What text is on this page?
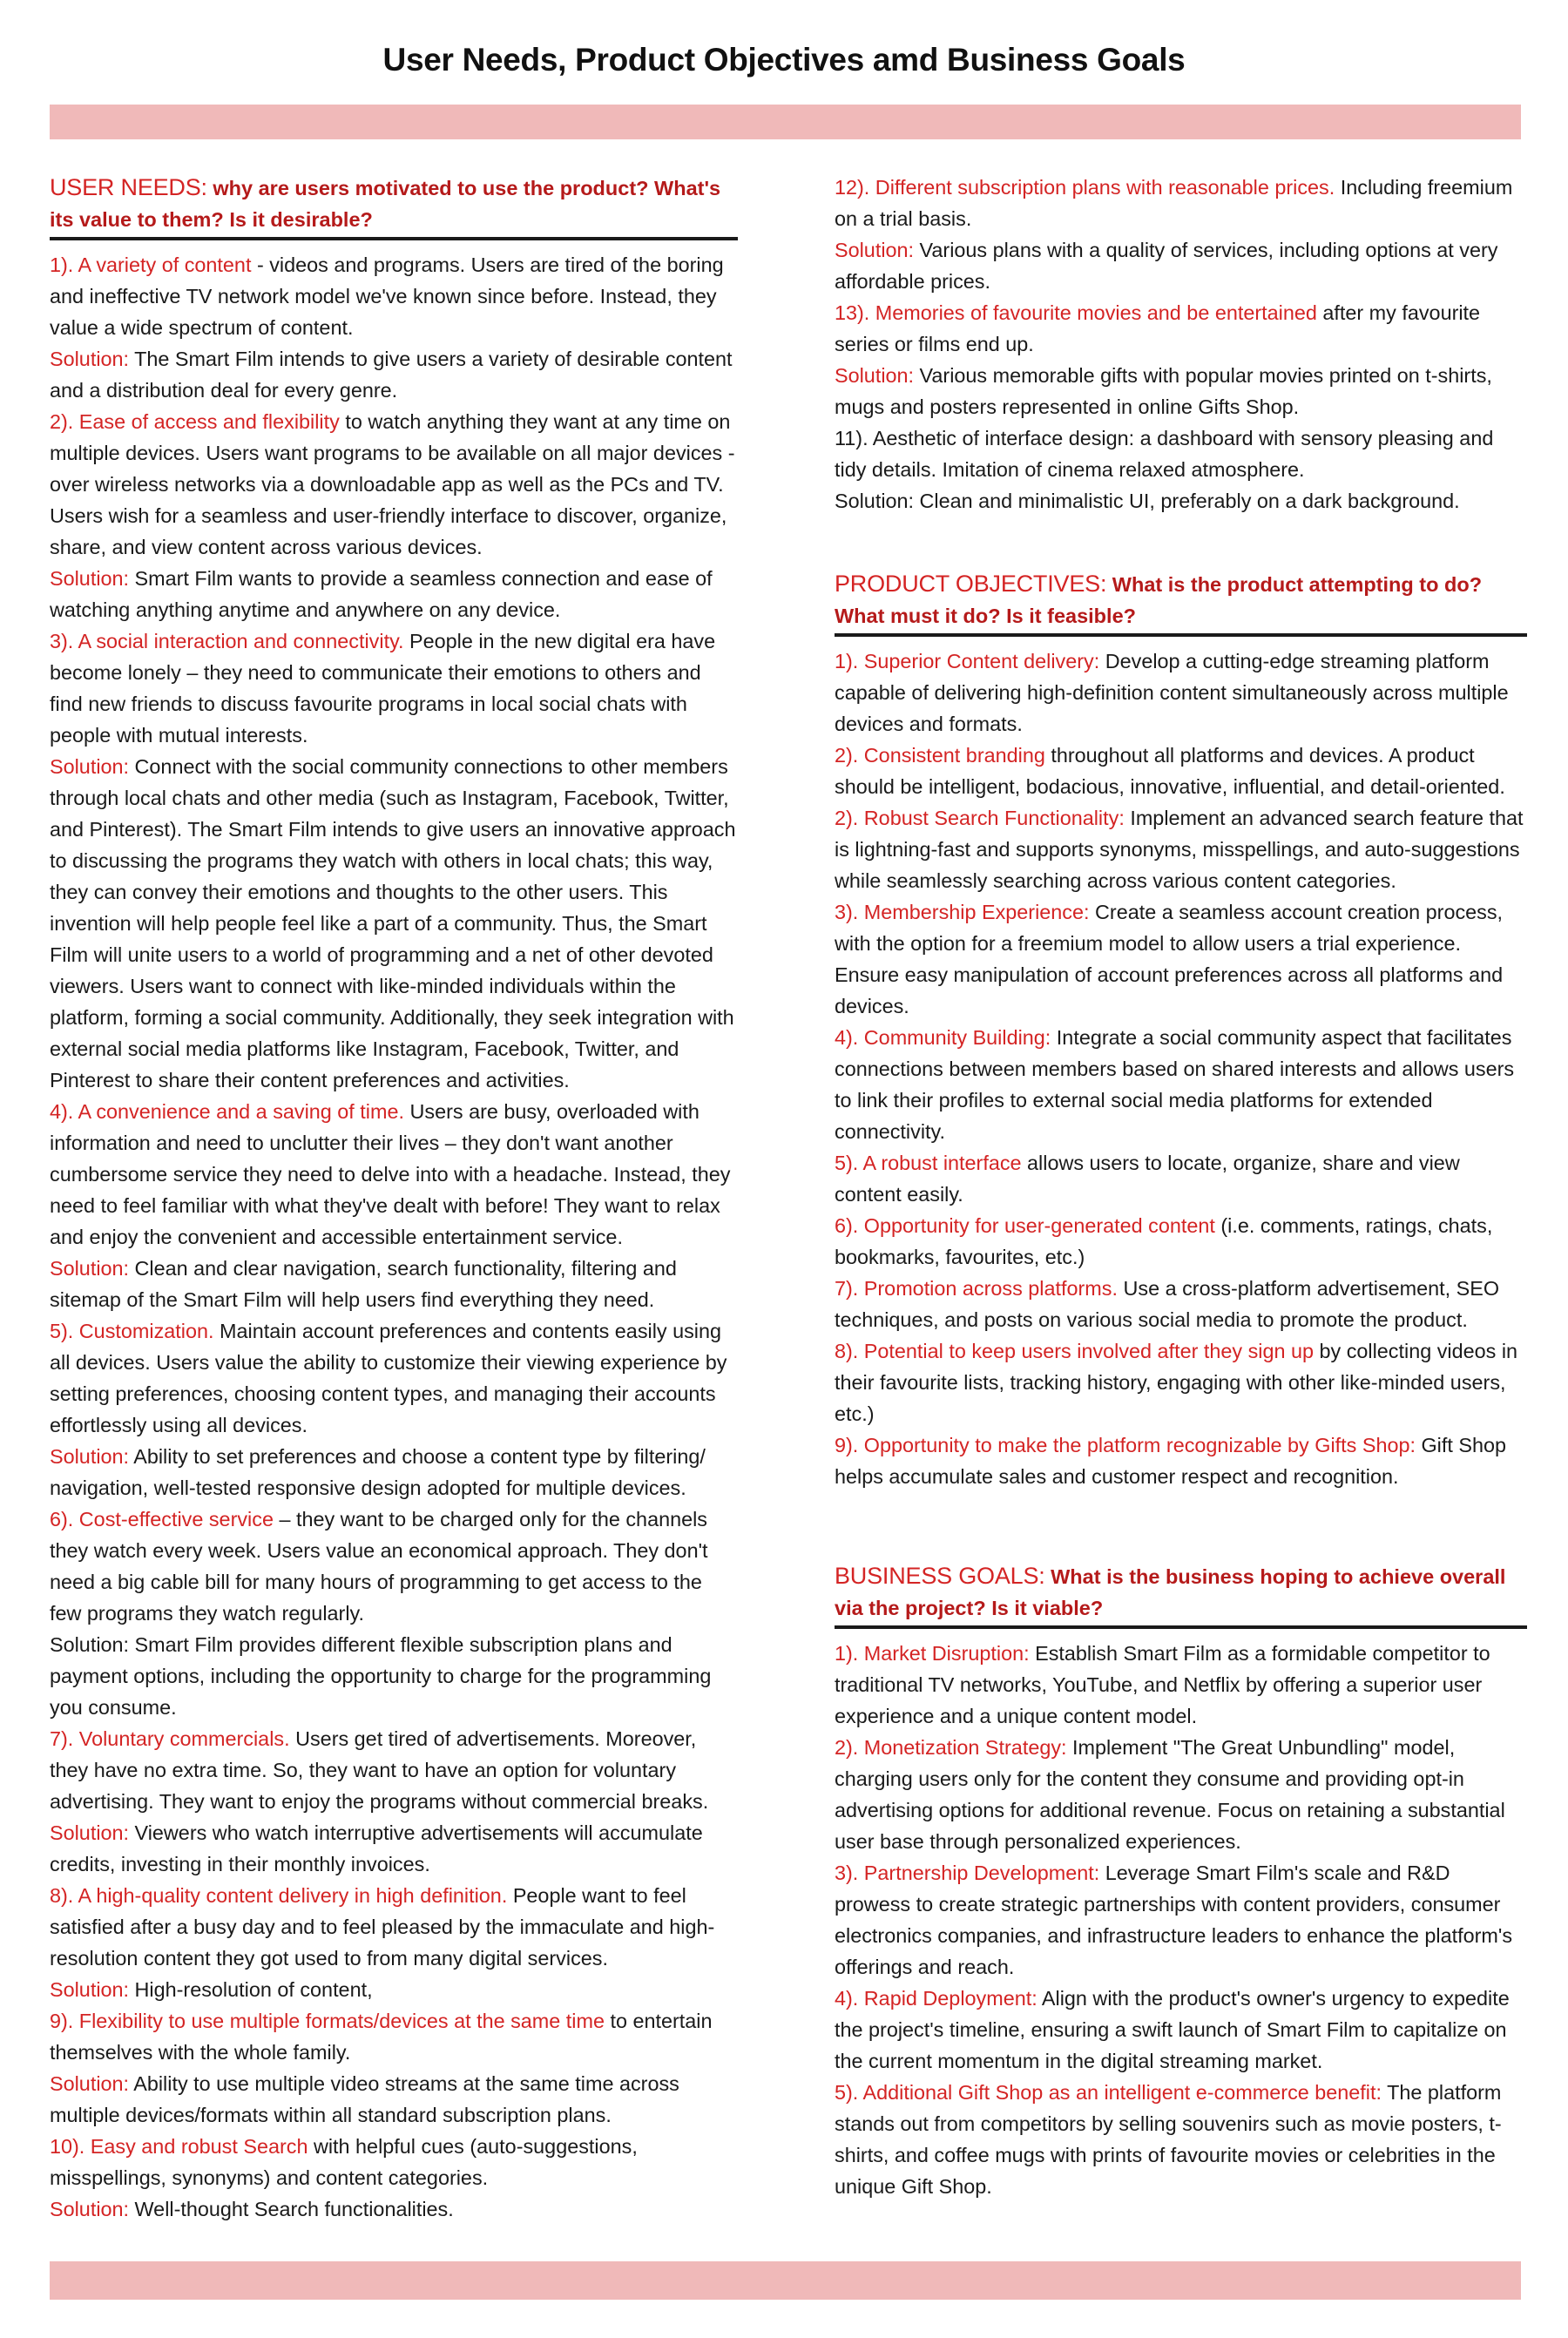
User Needs, Product Objectives amd Business Goals
USER NEEDS: why are users motivated to use the product? What's its value to them? Is it desirable?

1). A variety of content - videos and programs. Users are tired of the boring and ineffective TV network model we've known since before. Instead, they value a wide spectrum of content.

Solution: The Smart Film intends to give users a variety of desirable content and a distribution deal for every genre.

2). Ease of access and flexibility to watch anything they want at any time on multiple devices. Users want programs to be available on all major devices - over wireless networks via a downloadable app as well as the PCs and TV. Users wish for a seamless and user-friendly interface to discover, organize, share, and view content across various devices.

Solution: Smart Film wants to provide a seamless connection and ease of watching anything anytime and anywhere on any device.

3). A social interaction and connectivity. People in the new digital era have become lonely – they need to communicate their emotions to others and find new friends to discuss favourite programs in local social chats with people with mutual interests.

Solution: Connect with the social community connections to other members through local chats and other media (such as Instagram, Facebook, Twitter, and Pinterest). The Smart Film intends to give users an innovative approach to discussing the programs they watch with others in local chats; this way, they can convey their emotions and thoughts to the other users. This invention will help people feel like a part of a community. Thus, the Smart Film will unite users to a world of programming and a net of other devoted viewers. Users want to connect with like-minded individuals within the platform, forming a social community. Additionally, they seek integration with external social media platforms like Instagram, Facebook, Twitter, and Pinterest to share their content preferences and activities.

4). A convenience and a saving of time. Users are busy, overloaded with information and need to unclutter their lives – they don't want another cumbersome service they need to delve into with a headache. Instead, they need to feel familiar with what they've dealt with before! They want to relax and enjoy the convenient and accessible entertainment service.

Solution: Clean and clear navigation, search functionality, filtering and sitemap of the Smart Film will help users find everything they need.

5). Customization. Maintain account preferences and contents easily using all devices. Users value the ability to customize their viewing experience by setting preferences, choosing content types, and managing their accounts effortlessly using all devices.

Solution: Ability to set preferences and choose a content type by filtering/ navigation, well-tested responsive design adopted for multiple devices.

6). Cost-effective service – they want to be charged only for the channels they watch every week. Users value an economical approach. They don't need a big cable bill for many hours of programming to get access to the few programs they watch regularly.

Solution: Smart Film provides different flexible subscription plans and payment options, including the opportunity to charge for the programming you consume.

7). Voluntary commercials. Users get tired of advertisements. Moreover, they have no extra time. So, they want to have an option for voluntary advertising. They want to enjoy the programs without commercial breaks.

Solution: Viewers who watch interruptive advertisements will accumulate credits, investing in their monthly invoices.

8). A high-quality content delivery in high definition. People want to feel satisfied after a busy day and to feel pleased by the immaculate and high-resolution content they got used to from many digital services.

Solution: High-resolution of content,

9). Flexibility to use multiple formats/devices at the same time to entertain themselves with the whole family.

Solution: Ability to use multiple video streams at the same time across multiple devices/formats within all standard subscription plans.

10). Easy and robust Search with helpful cues (auto-suggestions, misspellings, synonyms) and content categories.

Solution: Well-thought Search functionalities.

12). Different subscription plans with reasonable prices. Including freemium on a trial basis.

Solution: Various plans with a quality of services, including options at very affordable prices.

13). Memories of favourite movies and be entertained after my favourite series or films end up.

Solution: Various memorable gifts with popular movies printed on t-shirts, mugs and posters represented in online Gifts Shop.

11). Aesthetic of interface design: a dashboard with sensory pleasing and tidy details. Imitation of cinema relaxed atmosphere.

Solution: Clean and minimalistic UI, preferably on a dark background.

PRODUCT OBJECTIVES: What is the product attempting to do? What must it do? Is it feasible?

1). Superior Content delivery: Develop a cutting-edge streaming platform capable of delivering high-definition content simultaneously across multiple devices and formats.

2). Consistent branding throughout all platforms and devices. A product should be intelligent, bodacious, innovative, influential, and detail-oriented.

2). Robust Search Functionality: Implement an advanced search feature that is lightning-fast and supports synonyms, misspellings, and auto-suggestions while seamlessly searching across various content categories.

3). Membership Experience: Create a seamless account creation process, with the option for a freemium model to allow users a trial experience. Ensure easy manipulation of account preferences across all platforms and devices.

4). Community Building: Integrate a social community aspect that facilitates connections between members based on shared interests and allows users to link their profiles to external social media platforms for extended connectivity.

5). A robust interface allows users to locate, organize, share and view content easily.

6). Opportunity for user-generated content (i.e. comments, ratings, chats, bookmarks, favourites, etc.)

7). Promotion across platforms. Use a cross-platform advertisement, SEO techniques, and posts on various social media to promote the product.

8). Potential to keep users involved after they sign up by collecting videos in their favourite lists, tracking history, engaging with other like-minded users, etc.)

9). Opportunity to make the platform recognizable by Gifts Shop: Gift Shop helps accumulate sales and customer respect and recognition.

BUSINESS GOALS: What is the business hoping to achieve overall via the project? Is it viable?

1). Market Disruption: Establish Smart Film as a formidable competitor to traditional TV networks, YouTube, and Netflix by offering a superior user experience and a unique content model.

2). Monetization Strategy: Implement "The Great Unbundling" model, charging users only for the content they consume and providing opt-in advertising options for additional revenue. Focus on retaining a substantial user base through personalized experiences.

3). Partnership Development: Leverage Smart Film's scale and R&D prowess to create strategic partnerships with content providers, consumer electronics companies, and infrastructure leaders to enhance the platform's offerings and reach.

4). Rapid Deployment: Align with the product's owner's urgency to expedite the project's timeline, ensuring a swift launch of Smart Film to capitalize on the current momentum in the digital streaming market.

5). Additional Gift Shop as an intelligent e-commerce benefit: The platform stands out from competitors by selling souvenirs such as movie posters, t-shirts, and coffee mugs with prints of favourite movies or celebrities in the unique Gift Shop.
